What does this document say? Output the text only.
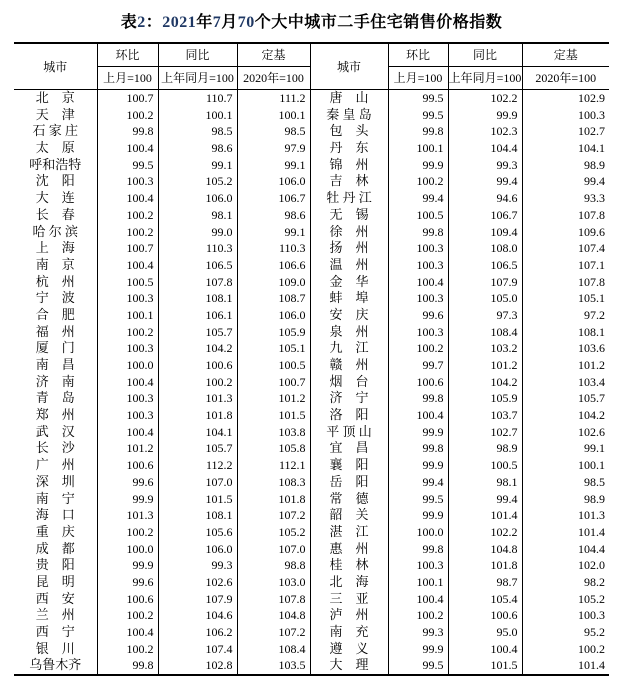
表2：2021年7月70个大中城市二手住宅销售价格指数
城市	环比	同比	定基	城市	环比	同比	定基
	上月=100	上年同月=100	2020年=100		上月=100	上年同月=100	2020年=100
北　京	100.7	110.7	111.2	唐　山	99.5	102.2	102.9
天　津	100.2	100.1	100.1	秦 皇 岛	99.5	99.9	100.3
石 家 庄	99.8	98.5	98.5	包　头	99.8	102.3	102.7
太　原	100.4	98.6	97.9	丹　东	100.1	104.4	104.1
呼和浩特	99.5	99.1	99.1	锦　州	99.9	99.3	98.9
沈　阳	100.3	105.2	106.0	吉　林	100.2	99.4	99.4
大　连	100.4	106.0	106.7	牡 丹 江	99.4	94.6	93.3
长　春	100.2	98.1	98.6	无　锡	100.5	106.7	107.8
哈 尔 滨	100.2	99.0	99.1	徐　州	99.8	109.4	109.6
上　海	100.7	110.3	110.3	扬　州	100.3	108.0	107.4
南　京	100.4	106.5	106.6	温　州	100.3	106.5	107.1
杭　州	100.5	107.8	109.0	金　华	100.4	107.9	107.8
宁　波	100.3	108.1	108.7	蚌　埠	100.3	105.0	105.1
合　肥	100.1	106.1	106.0	安　庆	99.6	97.3	97.2
福　州	100.2	105.7	105.9	泉　州	100.3	108.4	108.1
厦　门	100.3	104.2	105.1	九　江	100.2	103.2	103.6
南　昌	100.0	100.6	100.5	赣　州	99.7	101.2	101.2
济　南	100.4	100.2	100.7	烟　台	100.6	104.2	103.4
青　岛	100.3	101.3	101.2	济　宁	99.8	105.9	105.7
郑　州	100.3	101.8	101.5	洛　阳	100.4	103.7	104.2
武　汉	100.4	104.1	103.8	平 顶 山	99.9	102.7	102.6
长　沙	101.2	105.7	105.8	宜　昌	99.8	98.9	99.1
广　州	100.6	112.2	112.1	襄　阳	99.9	100.5	100.1
深　圳	99.6	107.0	108.3	岳　阳	99.4	98.1	98.5
南　宁	99.9	101.5	101.8	常　德	99.5	99.4	98.9
海　口	101.3	108.1	107.2	韶　关	99.9	101.4	101.3
重　庆	100.2	105.6	105.2	湛　江	100.0	102.2	101.4
成　都	100.0	106.0	107.0	惠　州	99.8	104.8	104.4
贵　阳	99.9	99.3	98.8	桂　林	100.3	101.8	102.0
昆　明	99.6	102.6	103.0	北　海	100.1	98.7	98.2
西　安	100.6	107.9	107.8	三　亚	100.4	105.4	105.2
兰　州	100.2	104.6	104.8	泸　州	100.2	100.6	100.3
西　宁	100.4	106.2	107.2	南　充	99.3	95.0	95.2
银　川	100.2	107.4	108.4	遵　义	99.9	100.4	100.2
乌鲁木齐	99.8	102.8	103.5	大　理	99.5	101.5	101.4
